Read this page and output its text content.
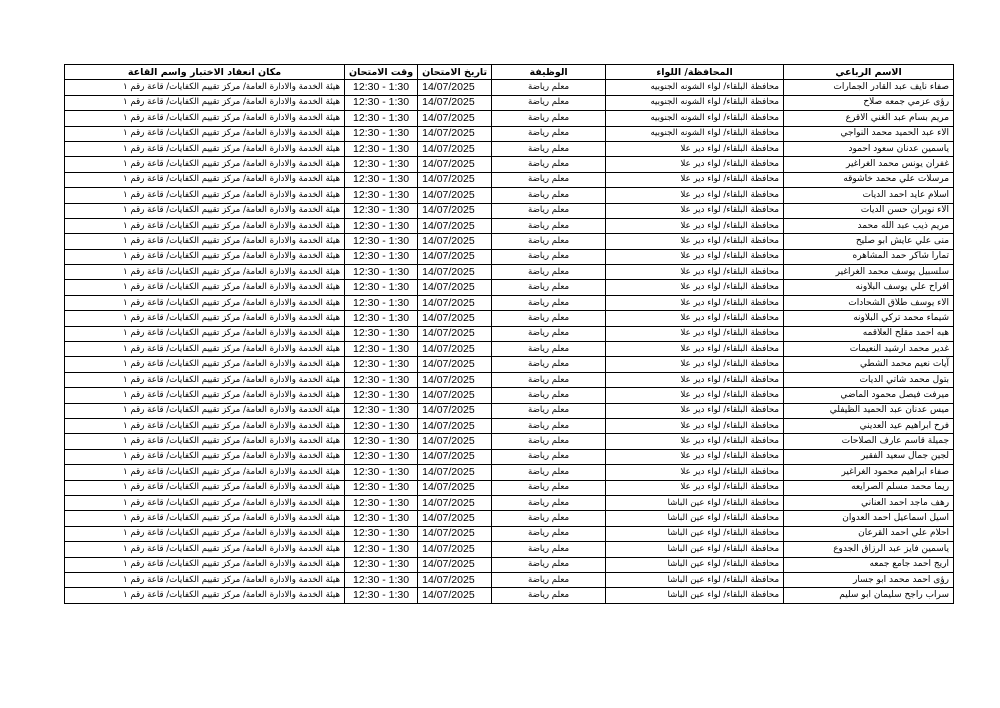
الاسم الرباعي	المحافظة/ اللواء	الوظيفة	تاريخ الامتحان	وقت الامتحان	مكان انعقاد الاختبار واسم القاعة
صفاء نايف عبد القادر الجمارات	محافظة البلقاء/ لواء الشونه الجنوبيه	معلم رياضة	14/07/2025	12:30 - 1:30	هيئة الخدمة والادارة العامة/ مركز تقييم الكفايات/ قاعة رقم ١
رؤى عزمي جمعه صلاح	محافظة البلقاء/ لواء الشونه الجنوبيه	معلم رياضة	14/07/2025	12:30 - 1:30	هيئة الخدمة والادارة العامة/ مركز تقييم الكفايات/ قاعة رقم ١
مريم بسام عبد الغني الاقرع	محافظة البلقاء/ لواء الشونه الجنوبيه	معلم رياضة	14/07/2025	12:30 - 1:30	هيئة الخدمة والادارة العامة/ مركز تقييم الكفايات/ قاعة رقم ١
الاء عبد الحميد محمد النواجي	محافظة البلقاء/ لواء الشونه الجنوبيه	معلم رياضة	14/07/2025	12:30 - 1:30	هيئة الخدمة والادارة العامة/ مركز تقييم الكفايات/ قاعة رقم ١
ياسمين عدنان سعود احمود	محافظة البلقاء/ لواء دير علا	معلم رياضة	14/07/2025	12:30 - 1:30	هيئة الخدمة والادارة العامة/ مركز تقييم الكفايات/ قاعة رقم ١
غفران يونس محمد الغراغير	محافظة البلقاء/ لواء دير علا	معلم رياضة	14/07/2025	12:30 - 1:30	هيئة الخدمة والادارة العامة/ مركز تقييم الكفايات/ قاعة رقم ١
مرسلات علي محمد خاشوقه	محافظة البلقاء/ لواء دير علا	معلم رياضة	14/07/2025	12:30 - 1:30	هيئة الخدمة والادارة العامة/ مركز تقييم الكفايات/ قاعة رقم ١
اسلام عايد احمد الديات	محافظة البلقاء/ لواء دير علا	معلم رياضة	14/07/2025	12:30 - 1:30	هيئة الخدمة والادارة العامة/ مركز تقييم الكفايات/ قاعة رقم ١
الاء نوبران حسن الديات	محافظة البلقاء/ لواء دير علا	معلم رياضة	14/07/2025	12:30 - 1:30	هيئة الخدمة والادارة العامة/ مركز تقييم الكفايات/ قاعة رقم ١
مريم ذيب عبد الله محمد	محافظة البلقاء/ لواء دير علا	معلم رياضة	14/07/2025	12:30 - 1:30	هيئة الخدمة والادارة العامة/ مركز تقييم الكفايات/ قاعة رقم ١
منى علي عايش ابو صليح	محافظة البلقاء/ لواء دير علا	معلم رياضة	14/07/2025	12:30 - 1:30	هيئة الخدمة والادارة العامة/ مركز تقييم الكفايات/ قاعة رقم ١
تمارا شاكر حمد المشاهره	محافظة البلقاء/ لواء دير علا	معلم رياضة	14/07/2025	12:30 - 1:30	هيئة الخدمة والادارة العامة/ مركز تقييم الكفايات/ قاعة رقم ١
سلسبيل يوسف محمد الغراغير	محافظة البلقاء/ لواء دير علا	معلم رياضة	14/07/2025	12:30 - 1:30	هيئة الخدمة والادارة العامة/ مركز تقييم الكفايات/ قاعة رقم ١
افراح علي يوسف البلاونه	محافظة البلقاء/ لواء دير علا	معلم رياضة	14/07/2025	12:30 - 1:30	هيئة الخدمة والادارة العامة/ مركز تقييم الكفايات/ قاعة رقم ١
الاء يوسف طلاق الشحادات	محافظة البلقاء/ لواء دير علا	معلم رياضة	14/07/2025	12:30 - 1:30	هيئة الخدمة والادارة العامة/ مركز تقييم الكفايات/ قاعة رقم ١
شيماء محمد تركي البلاونه	محافظة البلقاء/ لواء دير علا	معلم رياضة	14/07/2025	12:30 - 1:30	هيئة الخدمة والادارة العامة/ مركز تقييم الكفايات/ قاعة رقم ١
هبه احمد مقلح العلاقمه	محافظة البلقاء/ لواء دير علا	معلم رياضة	14/07/2025	12:30 - 1:30	هيئة الخدمة والادارة العامة/ مركز تقييم الكفايات/ قاعة رقم ١
غدير محمد ارشيد النعيمات	محافظة البلقاء/ لواء دير علا	معلم رياضة	14/07/2025	12:30 - 1:30	هيئة الخدمة والادارة العامة/ مركز تقييم الكفايات/ قاعة رقم ١
آيات نعيم محمد الشطي	محافظة البلقاء/ لواء دير علا	معلم رياضة	14/07/2025	12:30 - 1:30	هيئة الخدمة والادارة العامة/ مركز تقييم الكفايات/ قاعة رقم ١
بتول محمد شاتي الديات	محافظة البلقاء/ لواء دير علا	معلم رياضة	14/07/2025	12:30 - 1:30	هيئة الخدمة والادارة العامة/ مركز تقييم الكفايات/ قاعة رقم ١
ميرفت فيصل محمود الماضي	محافظة البلقاء/ لواء دير علا	معلم رياضة	14/07/2025	12:30 - 1:30	هيئة الخدمة والادارة العامة/ مركز تقييم الكفايات/ قاعة رقم ١
ميس عدنان عبد الحميد الظيفلي	محافظة البلقاء/ لواء دير علا	معلم رياضة	14/07/2025	12:30 - 1:30	هيئة الخدمة والادارة العامة/ مركز تقييم الكفايات/ قاعة رقم ١
فرح ابراهيم عيد العديني	محافظة البلقاء/ لواء دير علا	معلم رياضة	14/07/2025	12:30 - 1:30	هيئة الخدمة والادارة العامة/ مركز تقييم الكفايات/ قاعة رقم ١
جميلة قاسم عارف الصلاحات	محافظة البلقاء/ لواء دير علا	معلم رياضة	14/07/2025	12:30 - 1:30	هيئة الخدمة والادارة العامة/ مركز تقييم الكفايات/ قاعة رقم ١
لجين جمال سعيد الفقير	محافظة البلقاء/ لواء دير علا	معلم رياضة	14/07/2025	12:30 - 1:30	هيئة الخدمة والادارة العامة/ مركز تقييم الكفايات/ قاعة رقم ١
صفاء ابراهيم محمود الغراغير	محافظة البلقاء/ لواء دير علا	معلم رياضة	14/07/2025	12:30 - 1:30	هيئة الخدمة والادارة العامة/ مركز تقييم الكفايات/ قاعة رقم ١
ريما محمد مسلم الصرايعه	محافظة البلقاء/ لواء دير علا	معلم رياضة	14/07/2025	12:30 - 1:30	هيئة الخدمة والادارة العامة/ مركز تقييم الكفايات/ قاعة رقم ١
رهف ماجد احمد العناني	محافظة البلقاء/ لواء عين الباشا	معلم رياضة	14/07/2025	12:30 - 1:30	هيئة الخدمة والادارة العامة/ مركز تقييم الكفايات/ قاعة رقم ١
اسيل اسماعيل احمد العدوان	محافظة البلقاء/ لواء عين الباشا	معلم رياضة	14/07/2025	12:30 - 1:30	هيئة الخدمة والادارة العامة/ مركز تقييم الكفايات/ قاعة رقم ١
احلام علي احمد القرعان	محافظة البلقاء/ لواء عين الباشا	معلم رياضة	14/07/2025	12:30 - 1:30	هيئة الخدمة والادارة العامة/ مركز تقييم الكفايات/ قاعة رقم ١
ياسمين فايز عبد الرزاق الجدوع	محافظة البلقاء/ لواء عين الباشا	معلم رياضة	14/07/2025	12:30 - 1:30	هيئة الخدمة والادارة العامة/ مركز تقييم الكفايات/ قاعة رقم ١
اريج احمد جامع جمعه	محافظة البلقاء/ لواء عين الباشا	معلم رياضة	14/07/2025	12:30 - 1:30	هيئة الخدمة والادارة العامة/ مركز تقييم الكفايات/ قاعة رقم ١
رؤى احمد محمد ابو جسار	محافظة البلقاء/ لواء عين الباشا	معلم رياضة	14/07/2025	12:30 - 1:30	هيئة الخدمة والادارة العامة/ مركز تقييم الكفايات/ قاعة رقم ١
سراب راجح سليمان ابو سليم	محافظة البلقاء/ لواء عين الباشا	معلم رياضة	14/07/2025	12:30 - 1:30	هيئة الخدمة والادارة العامة/ مركز تقييم الكفايات/ قاعة رقم ١
